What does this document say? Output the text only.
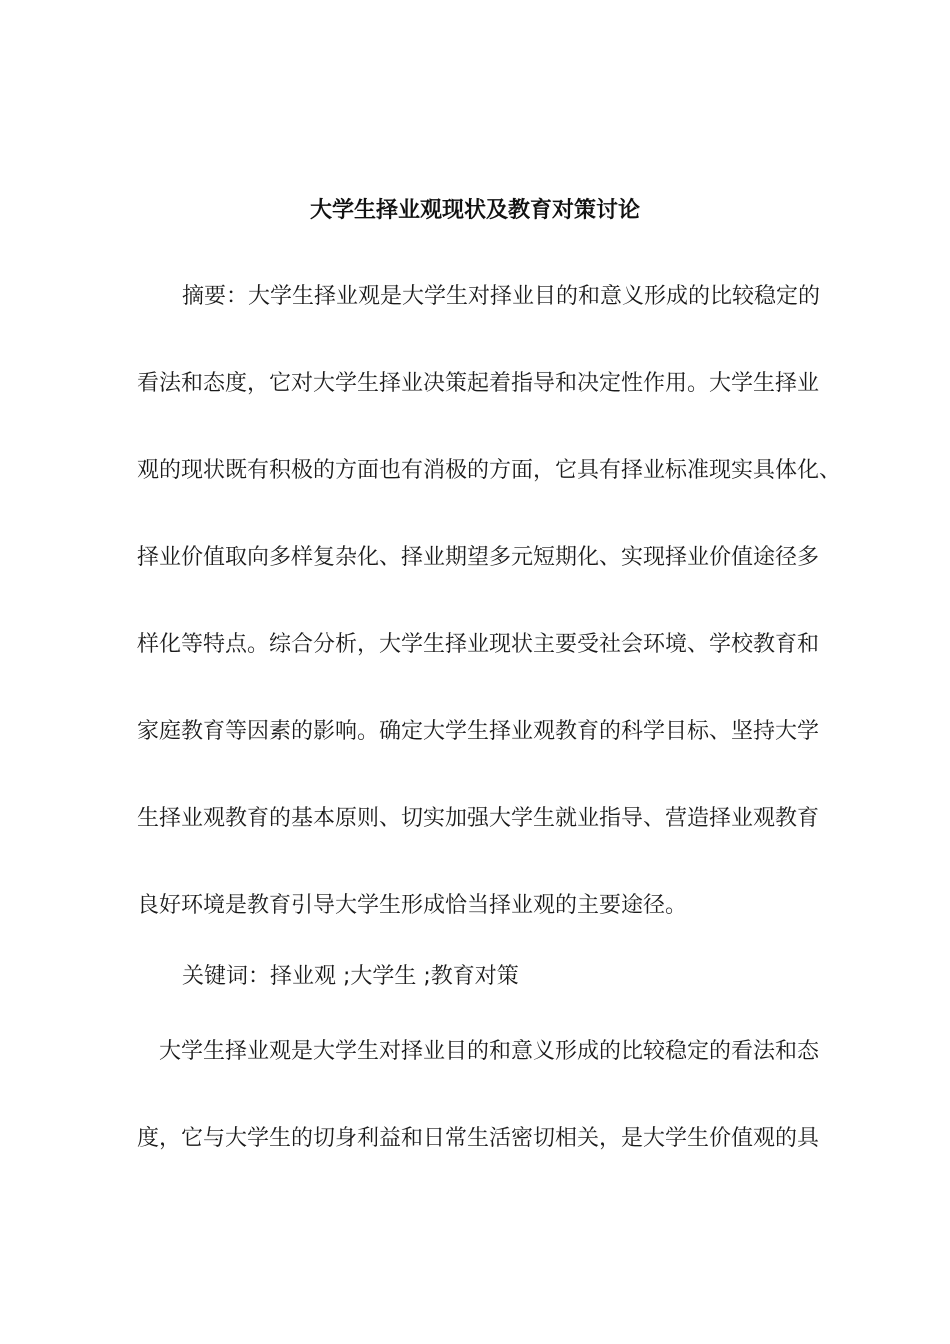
大学生择业观现状及教育对策讨论
摘要：大学生择业观是大学生对择业目的和意义形成的比较稳定的
看法和态度，它对大学生择业决策起着指导和决定性作用。大学生择业
观的现状既有积极的方面也有消极的方面，它具有择业标准现实具体化、
择业价值取向多样复杂化、择业期望多元短期化、实现择业价值途径多
样化等特点。综合分析，大学生择业现状主要受社会环境、学校教育和
家庭教育等因素的影响。确定大学生择业观教育的科学目标、坚持大学
生择业观教育的基本原则、切实加强大学生就业指导、营造择业观教育
良好环境是教育引导大学生形成恰当择业观的主要途径。
关键词：择业观 ;大学生 ;教育对策
大学生择业观是大学生对择业目的和意义形成的比较稳定的看法和态
度，它与大学生的切身利益和日常生活密切相关，是大学生价值观的具
